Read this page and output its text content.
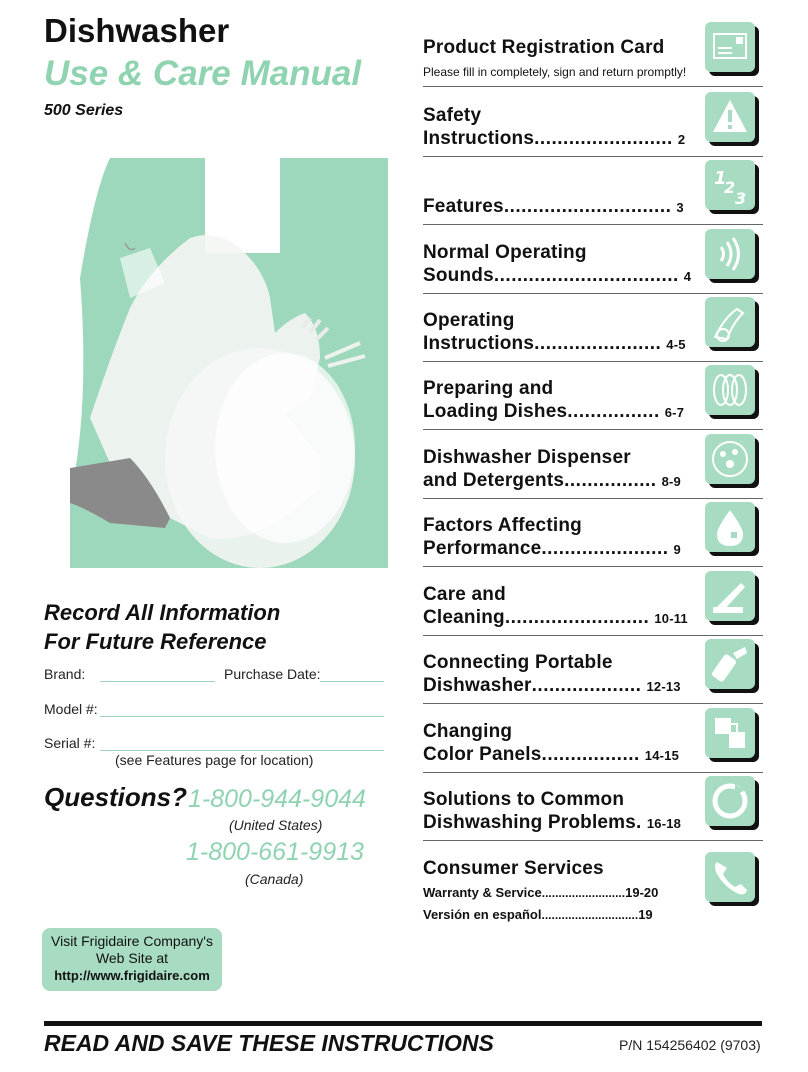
Dishwasher
Use & Care Manual
500 Series
Record All Information
For Future Reference
Brand:	Purchase Date:
Model #:
Serial #:
(see Features page for location)
Questions? 1-800-944-9044
(United States)
1-800-661-9913
(Canada)
Visit Frigidaire Company's
Web Site at
http://www.frigidaire.com
Product Registration Card
Please fill in completely, sign and return promptly!
Safety
Instructions........................ 2

Features............................. 3
1
2
3
Normal Operating
Sounds................................ 4
Operating
Instructions...................... 4-5
Preparing and
Loading Dishes................ 6-7
Dishwasher Dispenser
and Detergents................ 8-9
Factors Affecting
Performance...................... 9
Care and
Cleaning......................... 10-11
Connecting Portable
Dishwasher................... 12-13
Changing
Color Panels................. 14-15
Solutions to Common
Dishwashing Problems. 16-18
Consumer Services
Warranty & Service.........................19-20
Versión en español.............................19
READ AND SAVE THESE INSTRUCTIONS	P/N 154256402 (9703)
